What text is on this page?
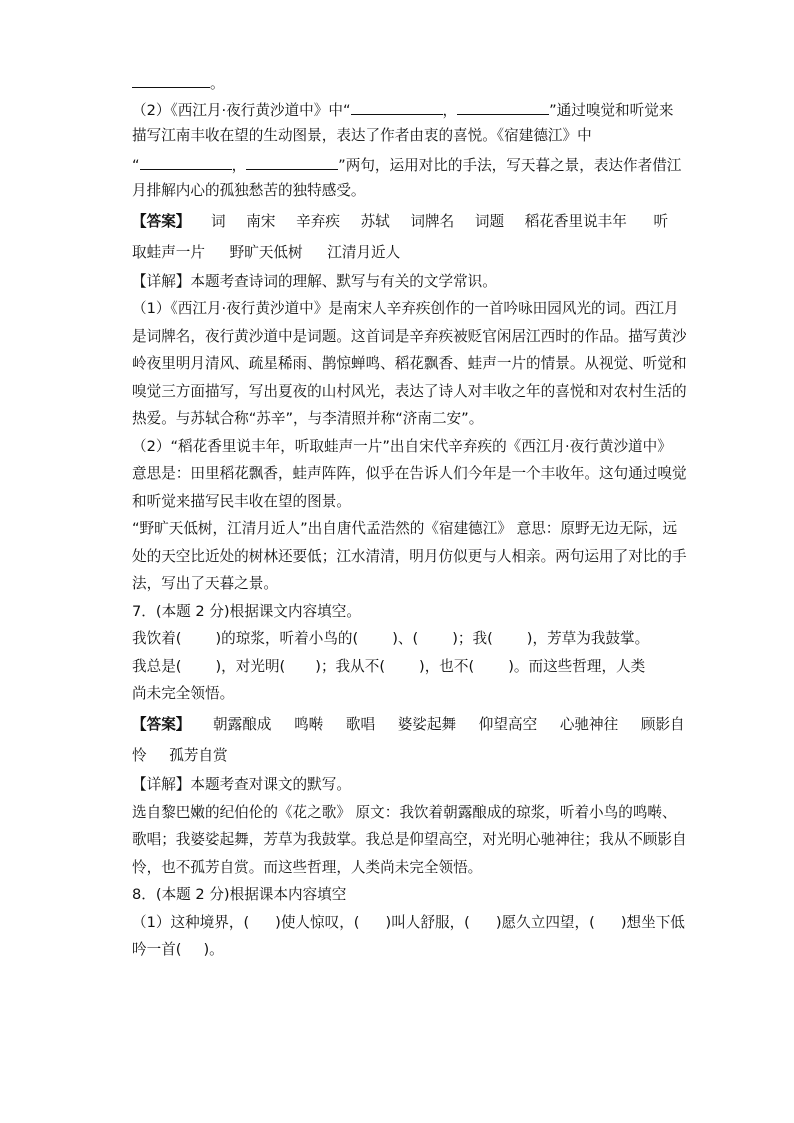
。
（2）《西江月·夜行黄沙道中》中“	，	”通过嗅觉和听觉来
描写江南丰收在望的生动图景，表达了作者由衷的喜悦。《宿建德江》中
“	，	”两句，运用对比的手法，写天暮之景，表达作者借江
月排解内心的孤独愁苦的独特感受。
【答案】 词 南宋 辛弃疾 苏轼 词牌名 词题 稻花香里说丰年 听
取蛙声一片 野旷天低树 江清月近人
【详解】本题考查诗词的理解、默写与有关的文学常识。
（1）《西江月·夜行黄沙道中》是南宋人辛弃疾创作的一首吟咏田园风光的词。西江月
是词牌名，夜行黄沙道中是词题。这首词是辛弃疾被贬官闲居江西时的作品。描写黄沙
岭夜里明月清风、疏星稀雨、鹊惊蝉鸣、稻花飘香、蛙声一片的情景。从视觉、听觉和
嗅觉三方面描写，写出夏夜的山村风光，表达了诗人对丰收之年的喜悦和对农村生活的
热爱。与苏轼合称“苏辛”，与李清照并称“济南二安”。
（2）“稻花香里说丰年，听取蛙声一片”出自宋代辛弃疾的《西江月·夜行黄沙道中》
意思是：田里稻花飘香，蛙声阵阵，似乎在告诉人们今年是一个丰收年。这句通过嗅觉
和听觉来描写民丰收在望的图景。
“野旷天低树，江清月近人”出自唐代孟浩然的《宿建德江》 意思：原野无边无际，远
处的天空比近处的树林还要低；江水清清，明月仿似更与人相亲。两句运用了对比的手
法，写出了天暮之景。
7．(本题 2 分)根据课文内容填空。
我饮着( )的琼浆，听着小鸟的( )、( )；我( )，芳草为我鼓掌。
我总是( )，对光明( )；我从不( )，也不( )。而这些哲理，人类
尚未完全领悟。
【答案】 朝露酿成 鸣啭 歌唱 婆娑起舞 仰望高空 心驰神往 顾影自
怜 孤芳自赏
【详解】本题考查对课文的默写。
选自黎巴嫩的纪伯伦的《花之歌》 原文：我饮着朝露酿成的琼浆，听着小鸟的鸣啭、
歌唱；我婆娑起舞，芳草为我鼓掌。我总是仰望高空，对光明心驰神往；我从不顾影自
怜，也不孤芳自赏。而这些哲理，人类尚未完全领悟。
8．(本题 2 分)根据课本内容填空
（1）这种境界，( )使人惊叹，( )叫人舒服，( )愿久立四望，( )想坐下低
吟一首( )。
